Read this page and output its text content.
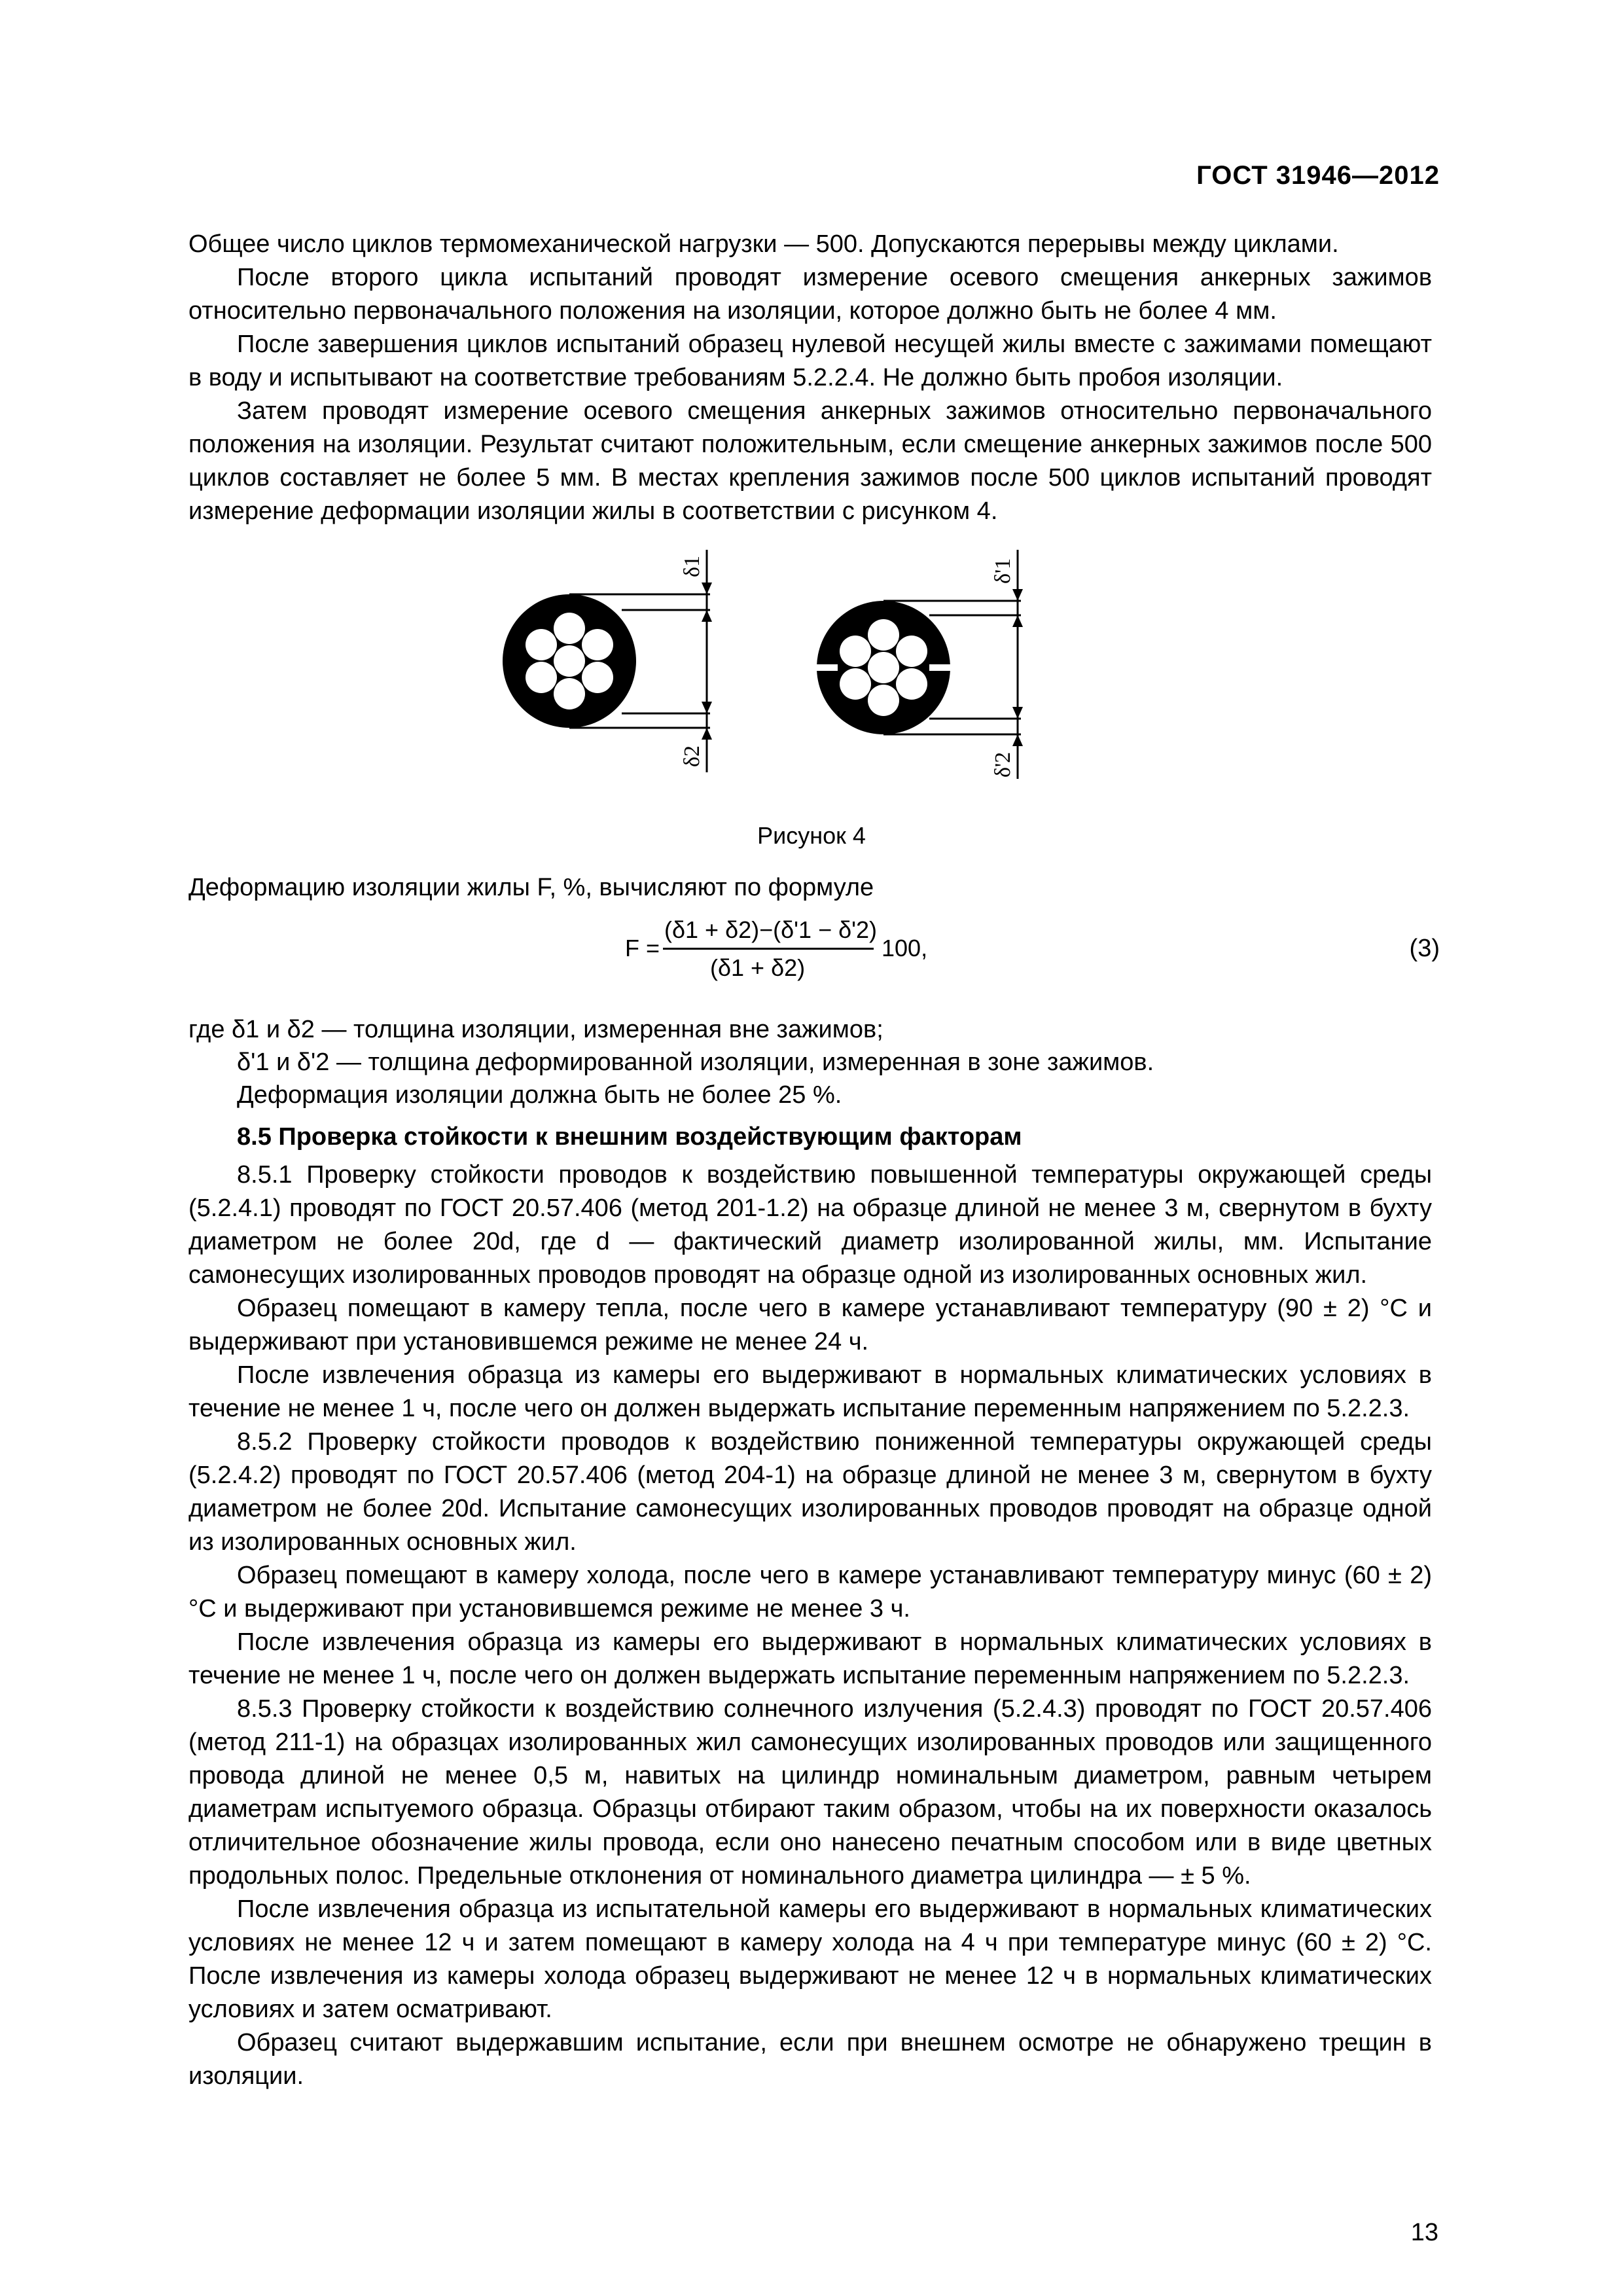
ГОСТ 31946—2012

Общее число циклов термомеханической нагрузки — 500. Допускаются перерывы между циклами.

После второго цикла испытаний проводят измерение осевого смещения анкерных зажимов относительно первоначального положения на изоляции, которое должно быть не более 4 мм.

После завершения циклов испытаний образец нулевой несущей жилы вместе с зажимами помещают в воду и испытывают на соответствие требованиям 5.2.2.4. Не должно быть пробоя изоляции.

Затем проводят измерение осевого смещения анкерных зажимов относительно первоначального положения на изоляции. Результат считают положительным, если смещение анкерных зажимов после 500 циклов составляет не более 5 мм. В местах крепления зажимов после 500 циклов испытаний проводят измерение деформации изоляции жилы в соответствии с рисунком 4.

δ1
δ2
δ'1
δ'2
Рисунок 4
Деформацию изоляции жилы F, %, вычисляют по формуле
F =
(δ1 + δ2)−(δ'1 − δ'2)
(δ1 + δ2)
100,	(3)
где δ1 и δ2 — толщина изоляции, измеренная вне зажимов;
δ'1 и δ'2 — толщина деформированной изоляции, измеренная в зоне зажимов.
Деформация изоляции должна быть не более 25 %.
8.5 Проверка стойкости к внешним воздействующим факторам

8.5.1 Проверку стойкости проводов к воздействию повышенной температуры окружающей среды (5.2.4.1) проводят по ГОСТ 20.57.406 (метод 201-1.2) на образце длиной не менее 3 м, свернутом в бухту диаметром не более 20d, где d — фактический диаметр изолированной жилы, мм. Испытание самонесущих изолированных проводов проводят на образце одной из изолированных основных жил.

Образец помещают в камеру тепла, после чего в камере устанавливают температуру (90 ± 2) °С и выдерживают при установившемся режиме не менее 24 ч.

После извлечения образца из камеры его выдерживают в нормальных климатических условиях в течение не менее 1 ч, после чего он должен выдержать испытание переменным напряжением по 5.2.2.3.

8.5.2 Проверку стойкости проводов к воздействию пониженной температуры окружающей среды (5.2.4.2) проводят по ГОСТ 20.57.406 (метод 204-1) на образце длиной не менее 3 м, свернутом в бухту диаметром не более 20d. Испытание самонесущих изолированных проводов проводят на образце одной из изолированных основных жил.

Образец помещают в камеру холода, после чего в камере устанавливают температуру минус (60 ± 2) °С и выдерживают при установившемся режиме не менее 3 ч.

После извлечения образца из камеры его выдерживают в нормальных климатических условиях в течение не менее 1 ч, после чего он должен выдержать испытание переменным напряжением по 5.2.2.3.

8.5.3 Проверку стойкости к воздействию солнечного излучения (5.2.4.3) проводят по ГОСТ 20.57.406 (метод 211-1) на образцах изолированных жил самонесущих изолированных проводов или защищенного провода длиной не менее 0,5 м, навитых на цилиндр номинальным диаметром, равным четырем диаметрам испытуемого образца. Образцы отбирают таким образом, чтобы на их поверхности оказалось отличительное обозначение жилы провода, если оно нанесено печатным способом или в виде цветных продольных полос. Предельные отклонения от номинального диаметра цилиндра — ± 5 %.

После извлечения образца из испытательной камеры его выдерживают в нормальных климатических условиях не менее 12 ч и затем помещают в камеру холода на 4 ч при температуре минус (60 ± 2) °С. После извлечения из камеры холода образец выдерживают не менее 12 ч в нормальных климатических условиях и затем осматривают.

Образец считают выдержавшим испытание, если при внешнем осмотре не обнаружено трещин в изоляции.

13
